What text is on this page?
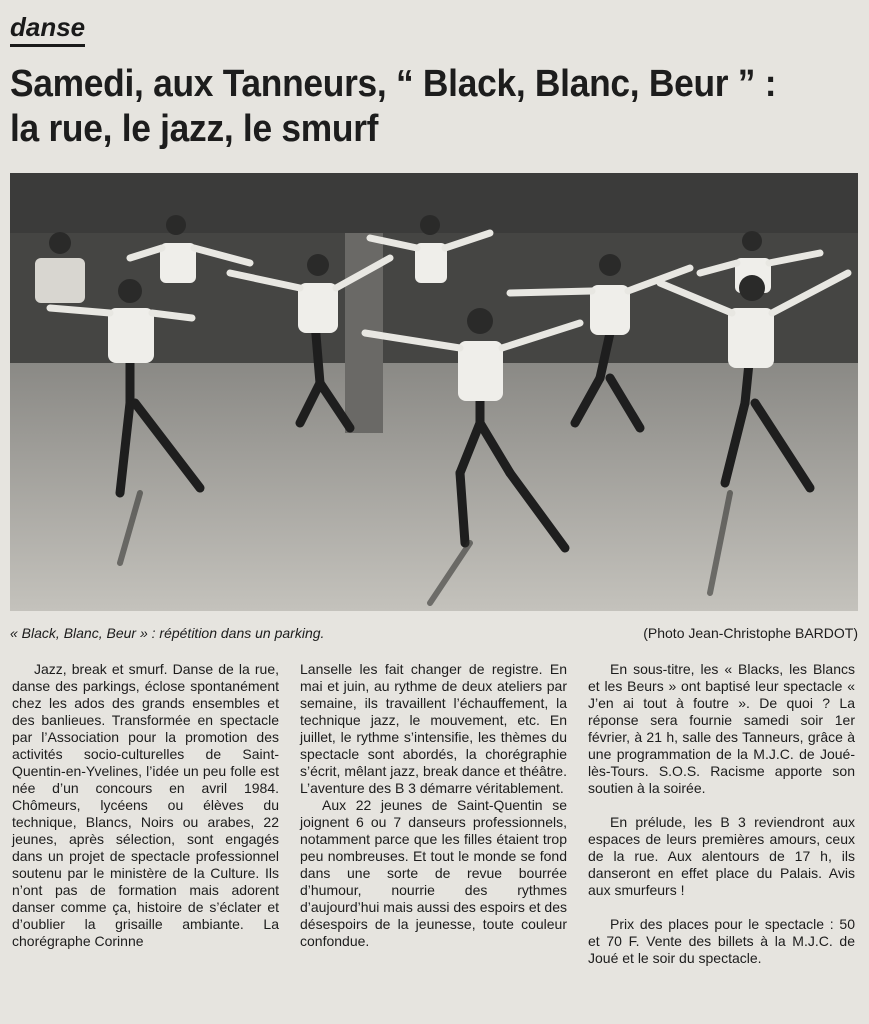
danse
Samedi, aux Tanneurs, “ Black, Blanc, Beur ” :
la rue, le jazz, le smurf
« Black, Blanc, Beur » : répétition dans un parking.	(Photo Jean-Christophe BARDOT)

Jazz, break et smurf. Danse de la rue, danse des parkings, éclose spontanément chez les ados des grands ensembles et des banlieues. Transformée en spectacle par l’Association pour la promotion des activités socio-culturelles de Saint-Quentin-en-Yvelines, l’idée un peu folle est née d’un concours en avril 1984. Chômeurs, lycéens ou élèves du technique, Blancs, Noirs ou arabes, 22 jeunes, après sélection, sont engagés dans un projet de spectacle professionnel soutenu par le ministère de la Culture. Ils n’ont pas de formation mais adorent danser comme ça, histoire de s’éclater et d’oublier la grisaille ambiante. La chorégraphe Corinne

Lanselle les fait changer de registre. En mai et juin, au rythme de deux ateliers par semaine, ils travaillent l’échauffement, la technique jazz, le mouvement, etc. En juillet, le rythme s’intensifie, les thèmes du spectacle sont abordés, la chorégraphie s’écrit, mêlant jazz, break dance et théâtre. L’aventure des B 3 démarre véritablement.

Aux 22 jeunes de Saint-Quentin se joignent 6 ou 7 danseurs professionnels, notamment parce que les filles étaient trop peu nombreuses. Et tout le monde se fond dans une sorte de revue bourrée d’humour, nourrie des rythmes d’aujourd’hui mais aussi des espoirs et des désespoirs de la jeunesse, toute couleur confondue.

En sous-titre, les « Blacks, les Blancs et les Beurs » ont baptisé leur spectacle « J’en ai tout à foutre ». De quoi ? La réponse sera fournie samedi soir 1er février, à 21 h, salle des Tanneurs, grâce à une programmation de la M.J.C. de Joué-lès-Tours. S.O.S. Racisme apporte son soutien à la soirée.

En prélude, les B 3 reviendront aux espaces de leurs premières amours, ceux de la rue. Aux alentours de 17 h, ils danseront en effet place du Palais. Avis aux smurfeurs !

Prix des places pour le spectacle : 50 et 70 F. Vente des billets à la M.J.C. de Joué et le soir du spectacle.
